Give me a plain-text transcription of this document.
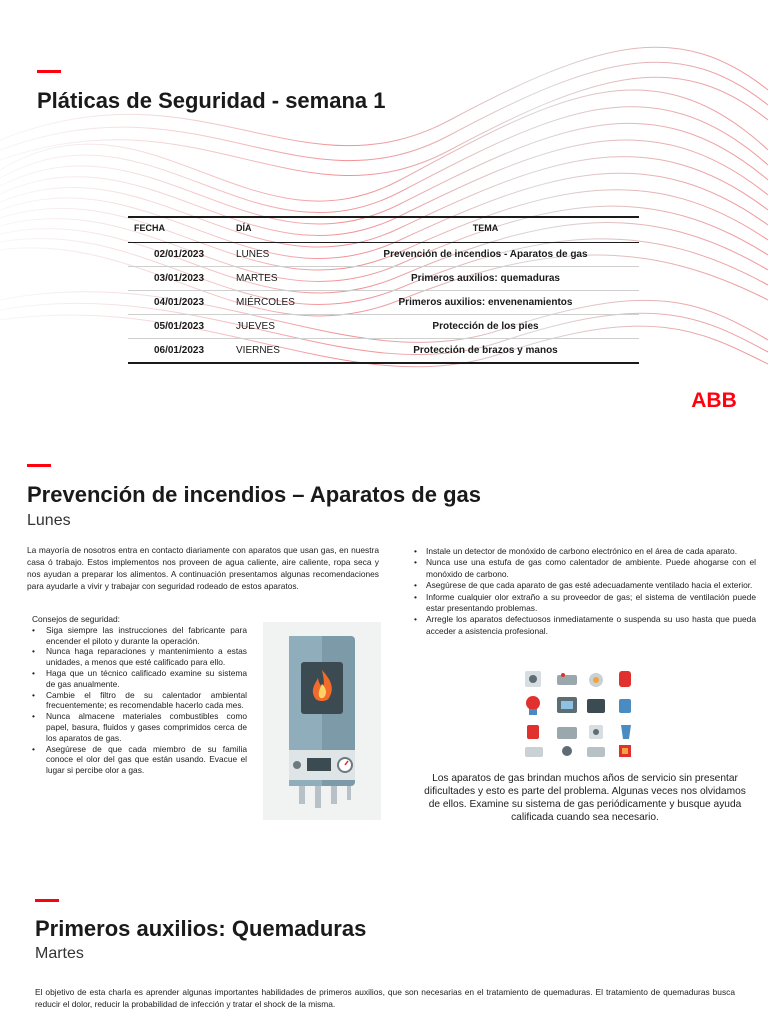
Pláticas de Seguridad - semana 1
FECHA	DÍA	TEMA
02/01/2023	LUNES	Prevención de incendios - Aparatos de gas
03/01/2023	MARTES	Primeros auxilios: quemaduras
04/01/2023	MIÉRCOLES	Primeros auxilios: envenenamientos
05/01/2023	JUEVES	Protección de los pies
06/01/2023	VIERNES	Protección de brazos y manos
ABB
Prevención de incendios – Aparatos de gas
Lunes
La mayoría de nosotros entra en contacto diariamente con aparatos que usan gas, en nuestra casa ó trabajo. Estos implementos nos proveen de agua caliente, aire caliente, ropa seca y nos ayudan a preparar los alimentos. A continuación presentamos algunas recomendaciones para ayudarle a vivir y trabajar con seguridad rodeado de estos aparatos.
Consejos de seguridad:
• Siga siempre las instrucciones del fabricante para encender el piloto y durante la operación.
• Nunca haga reparaciones y mantenimiento a estas unidades, a menos que esté calificado para ello.
• Haga que un técnico calificado examine su sistema de gas anualmente.
• Cambie el filtro de su calentador ambiental frecuentemente; es recomendable hacerlo cada mes.
• Nunca almacene materiales combustibles como papel, basura, fluidos y gases comprimidos cerca de los aparatos de gas.
• Asegúrese de que cada miembro de su familia conoce el olor del gas que están usando. Evacue el lugar si percibe olor a gas.
• Instale un detector de monóxido de carbono electrónico en el área de cada aparato.
• Nunca use una estufa de gas como calentador de ambiente. Puede ahogarse con el monóxido de carbono.
• Asegúrese de que cada aparato de gas esté adecuadamente ventilado hacia el exterior.
• Informe cualquier olor extraño a su proveedor de gas; el sistema de ventilación puede estar presentando problemas.
• Arregle los aparatos defectuosos inmediatamente o suspenda su uso hasta que pueda acceder a asistencia profesional.
Los aparatos de gas brindan muchos años de servicio sin presentar dificultades y esto es parte del problema. Algunas veces nos olvidamos de ellos. Examine su sistema de gas periódicamente y busque ayuda calificada cuando sea necesario.
Primeros auxilios: Quemaduras
Martes
El objetivo de esta charla es aprender algunas importantes habilidades de primeros auxilios, que son necesarias en el tratamiento de quemaduras. El tratamiento de quemaduras busca reducir el dolor, reducir la probabilidad de infección y tratar el shock de la misma.
